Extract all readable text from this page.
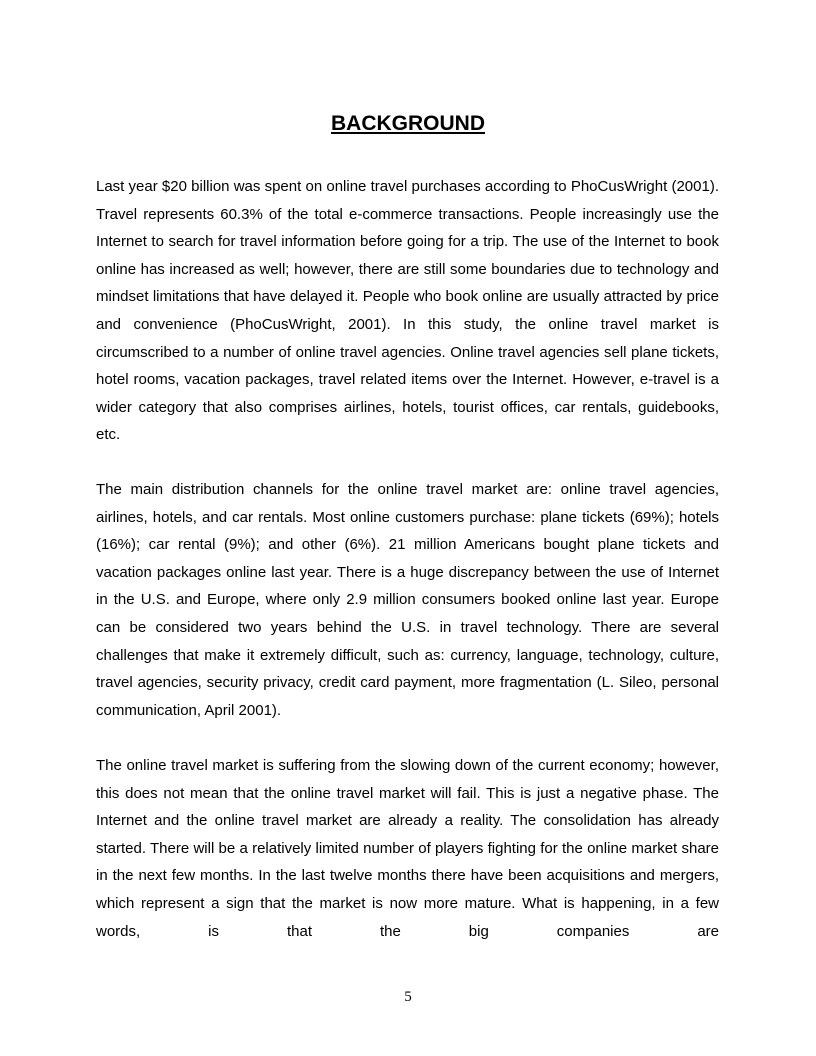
BACKGROUND

Last year $20 billion was spent on online travel purchases according to PhoCusWright (2001). Travel represents 60.3% of the total e-commerce transactions. People increasingly use the Internet to search for travel information before going for a trip. The use of the Internet to book online has increased as well; however, there are still some boundaries due to technology and mindset limitations that have delayed it. People who book online are usually attracted by price and convenience (PhoCusWright, 2001). In this study, the online travel market is circumscribed to a number of online travel agencies. Online travel agencies sell plane tickets, hotel rooms, vacation packages, travel related items over the Internet. However, e-travel is a wider category that also comprises airlines, hotels, tourist offices, car rentals, guidebooks, etc.

The main distribution channels for the online travel market are: online travel agencies, airlines, hotels, and car rentals. Most online customers purchase: plane tickets (69%); hotels (16%); car rental (9%); and other (6%). 21 million Americans bought plane tickets and vacation packages online last year. There is a huge discrepancy between the use of Internet in the U.S. and Europe, where only 2.9 million consumers booked online last year. Europe can be considered two years behind the U.S. in travel technology. There are several challenges that make it extremely difficult, such as: currency, language, technology, culture, travel agencies, security privacy, credit card payment, more fragmentation (L. Sileo, personal communication, April 2001).

The online travel market is suffering from the slowing down of the current economy; however, this does not mean that the online travel market will fail. This is just a negative phase. The Internet and the online travel market are already a reality. The consolidation has already started. There will be a relatively limited number of players fighting for the online market share in the next few months. In the last twelve months there have been acquisitions and mergers, which represent a sign that the market is now more mature. What is happening, in a few words, is that the big companies are

5
